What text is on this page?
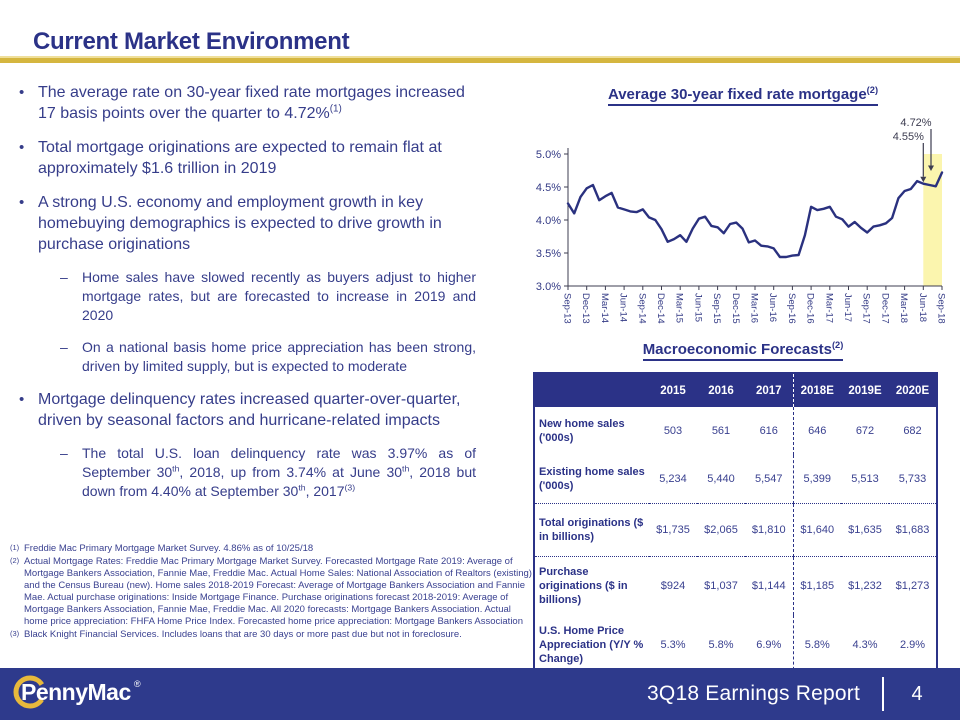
Current Market Environment
• The average rate on 30-year fixed rate mortgages increased 17 basis points over the quarter to 4.72%$^{(1)}$
• Total mortgage originations are expected to remain flat at approximately $1.6 trillion in 2019
• A strong U.S. economy and employment growth in key homebuying demographics is expected to drive growth in purchase originations
– Home sales have slowed recently as buyers adjust to higher mortgage rates, but are forecasted to increase in 2019 and 2020
– On a national basis home price appreciation has been strong, driven by limited supply, but is expected to moderate
• Mortgage delinquency rates increased quarter-over-quarter, driven by seasonal factors and hurricane-related impacts
– The total U.S. loan delinquency rate was 3.97% as of September 30th, 2018, up from 3.74% at June 30th, 2018 but down from 4.40% at September 30th, 2017$^{(3)}$
(1) Freddie Mac Primary Mortgage Market Survey. 4.86% as of 10/25/18
(2) Actual Mortgage Rates: Freddie Mac Primary Mortgage Market Survey. Forecasted Mortgage Rate 2019: Average of Mortgage Bankers Association, Fannie Mae, Freddie Mac. Actual Home Sales: National Association of Realtors (existing) and the Census Bureau (new). Home sales 2018-2019 Forecast: Average of Mortgage Bankers Association and Fannie Mae. Actual purchase originations: Inside Mortgage Finance. Purchase originations forecast 2018-2019: Average of Mortgage Bankers Association, Fannie Mae, Freddie Mac. All 2020 forecasts: Mortgage Bankers Association. Actual home price appreciation: FHFA Home Price Index. Forecasted home price appreciation: Mortgage Bankers Association
(3) Black Knight Financial Services. Includes loans that are 30 days or more past due but not in foreclosure.
Average 30-year fixed rate mortgage$^{(2)}$
3.0%
3.5%
4.0%
4.5%
5.0%
Sep-13 Dec-13 Mar-14 Jun-14 Sep-14 Dec-14 Mar-15 Jun-15 Sep-15 Dec-15 Mar-16 Jun-16 Sep-16 Dec-16 Mar-17 Jun-17 Sep-17 Dec-17 Mar-18 Jun-18 Sep-18
4.55%
4.72%
Macroeconomic Forecasts$^{(2)}$
	2015	2016	2017	2018E	2019E	2020E
New home sales ('000s)	503	561	616	646	672	682
Existing home sales ('000s)	5,234	5,440	5,547	5,399	5,513	5,733
Total originations ($ in billions)	$1,735	$2,065	$1,810	$1,640	$1,635	$1,683
Purchase originations ($ in billions)	$924	$1,037	$1,144	$1,185	$1,232	$1,273
U.S. Home Price Appreciation (Y/Y % Change)	5.3%	5.8%	6.9%	5.8%	4.3%	2.9%
PennyMac ®	3Q18 Earnings Report	4
